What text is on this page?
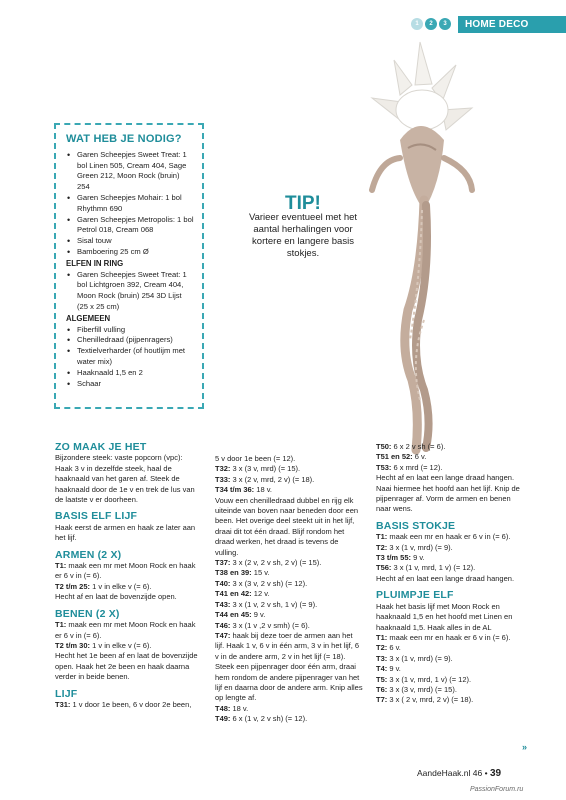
1	2	3	HOME DECO
WAT HEB JE NODIG?
• Garen Scheepjes Sweet Treat: 1 bol Linen 505, Cream 404, Sage Green 212, Moon Rock (bruin) 254
• Garen Scheepjes Mohair: 1 bol Rhythmn 690
• Garen Scheepjes Metropolis: 1 bol Petrol 018, Cream 068
• Sisal touw
• Bamboering 25 cm Ø
ELFEN IN RING
• Garen Scheepjes Sweet Treat: 1 bol Lichtgroen 392, Cream 404, Moon Rock (bruin) 254 3D Lijst (25 x 25 cm)
ALGEMEEN
• Fiberfill vulling
• Chenilledraad (pijpenragers)
• Textielverharder (of houtlijm met water mix)
• Haaknaald 1,5 en 2
• Schaar
TIP!
Varieer eventueel met het aantal herhalingen voor kortere en langere basis stokjes.
ZO MAAK JE HET

Bijzondere steek: vaste popcorn (vpc): Haak 3 v in dezelfde steek, haal de haaknaald van het garen af. Steek de haaknaald door de 1e v en trek de lus van de laatste v er doorheen.

BASIS ELF LIJF

Haak eerst de armen en haak ze later aan het lijf.

ARMEN (2 X)

T1: maak een mr met Moon Rock en haak er 6 v in (= 6).

T2 t/m 25: 1 v in elke v (= 6).

Hecht af en laat de bovenzijde open.

BENEN (2 X)

T1: maak een mr met Moon Rock en haak er 6 v in (= 6).

T2 t/m 30: 1 v in elke v (= 6).

Hecht het 1e been af en laat de bovenzijde open. Haak het 2e been en haak daarna verder in beide benen.

LIJF

T31: 1 v door 1e been, 6 v door 2e been,

5 v door 1e been (= 12).

T32: 3 x (3 v, mrd) (= 15).

T33: 3 x (2 v, mrd, 2 v) (= 18).

T34 t/m 36: 18 v.

Vouw een chenilledraad dubbel en rijg elk uiteinde van boven naar beneden door een been. Het overige deel steekt uit in het lijf, draai dit tot één draad. Blijf rondom het draad werken, het draad is tevens de vulling.

T37: 3 x (2 v, 2 v sh, 2 v) (= 15).

T38 en 39: 15 v.

T40: 3 x (3 v, 2 v sh) (= 12).

T41 en 42: 12 v.

T43: 3 x (1 v, 2 v sh, 1 v) (= 9).

T44 en 45: 9 v.

T46: 3 x (1 v ,2 v smh) (= 6).

T47: haak bij deze toer de armen aan het lijf. Haak 1 v, 6 v in één arm, 3 v in het lijf, 6 v in de andere arm, 2 v in het lijf (= 18). Steek een pijpenrager door één arm, draai hem rondom de andere pijpenrager van het lijf en daarna door de andere arm. Knip alles op lengte af.

T48: 18 v.

T49: 6 x (1 v, 2 v sh) (= 12).

T50: 6 x 2 v sh (= 6).

T51 en 52: 6 v.

T53: 6 x mrd (= 12).

Hecht af en laat een lange draad hangen. Naai hiermee het hoofd aan het lijf. Knip de pijpenrager af. Vorm de armen en benen naar wens.

BASIS STOKJE

T1: maak een mr en haak er 6 v in (= 6).

T2: 3 x (1 v, mrd) (= 9).

T3 t/m 55: 9 v.

T56: 3 x (1 v, mrd, 1 v) (= 12).

Hecht af en laat een lange draad hangen.

PLUIMPJE ELF

Haak het basis lijf met Moon Rock en haaknaald 1,5 en het hoofd met Linen en haaknaald 1,5. Haak alles in de AL

T1: maak een mr en haak er 6 v in (= 6).

T2: 6 v.

T3: 3 x (1 v, mrd) (= 9).

T4: 9 v.

T5: 3 x (1 v, mrd, 1 v) (= 12).

T6: 3 x (3 v, mrd) (= 15).

T7: 3 x ( 2 v, mrd, 2 v) (= 18).

»
AandeHaak.nl 46 • 39
PassionForum.ru
